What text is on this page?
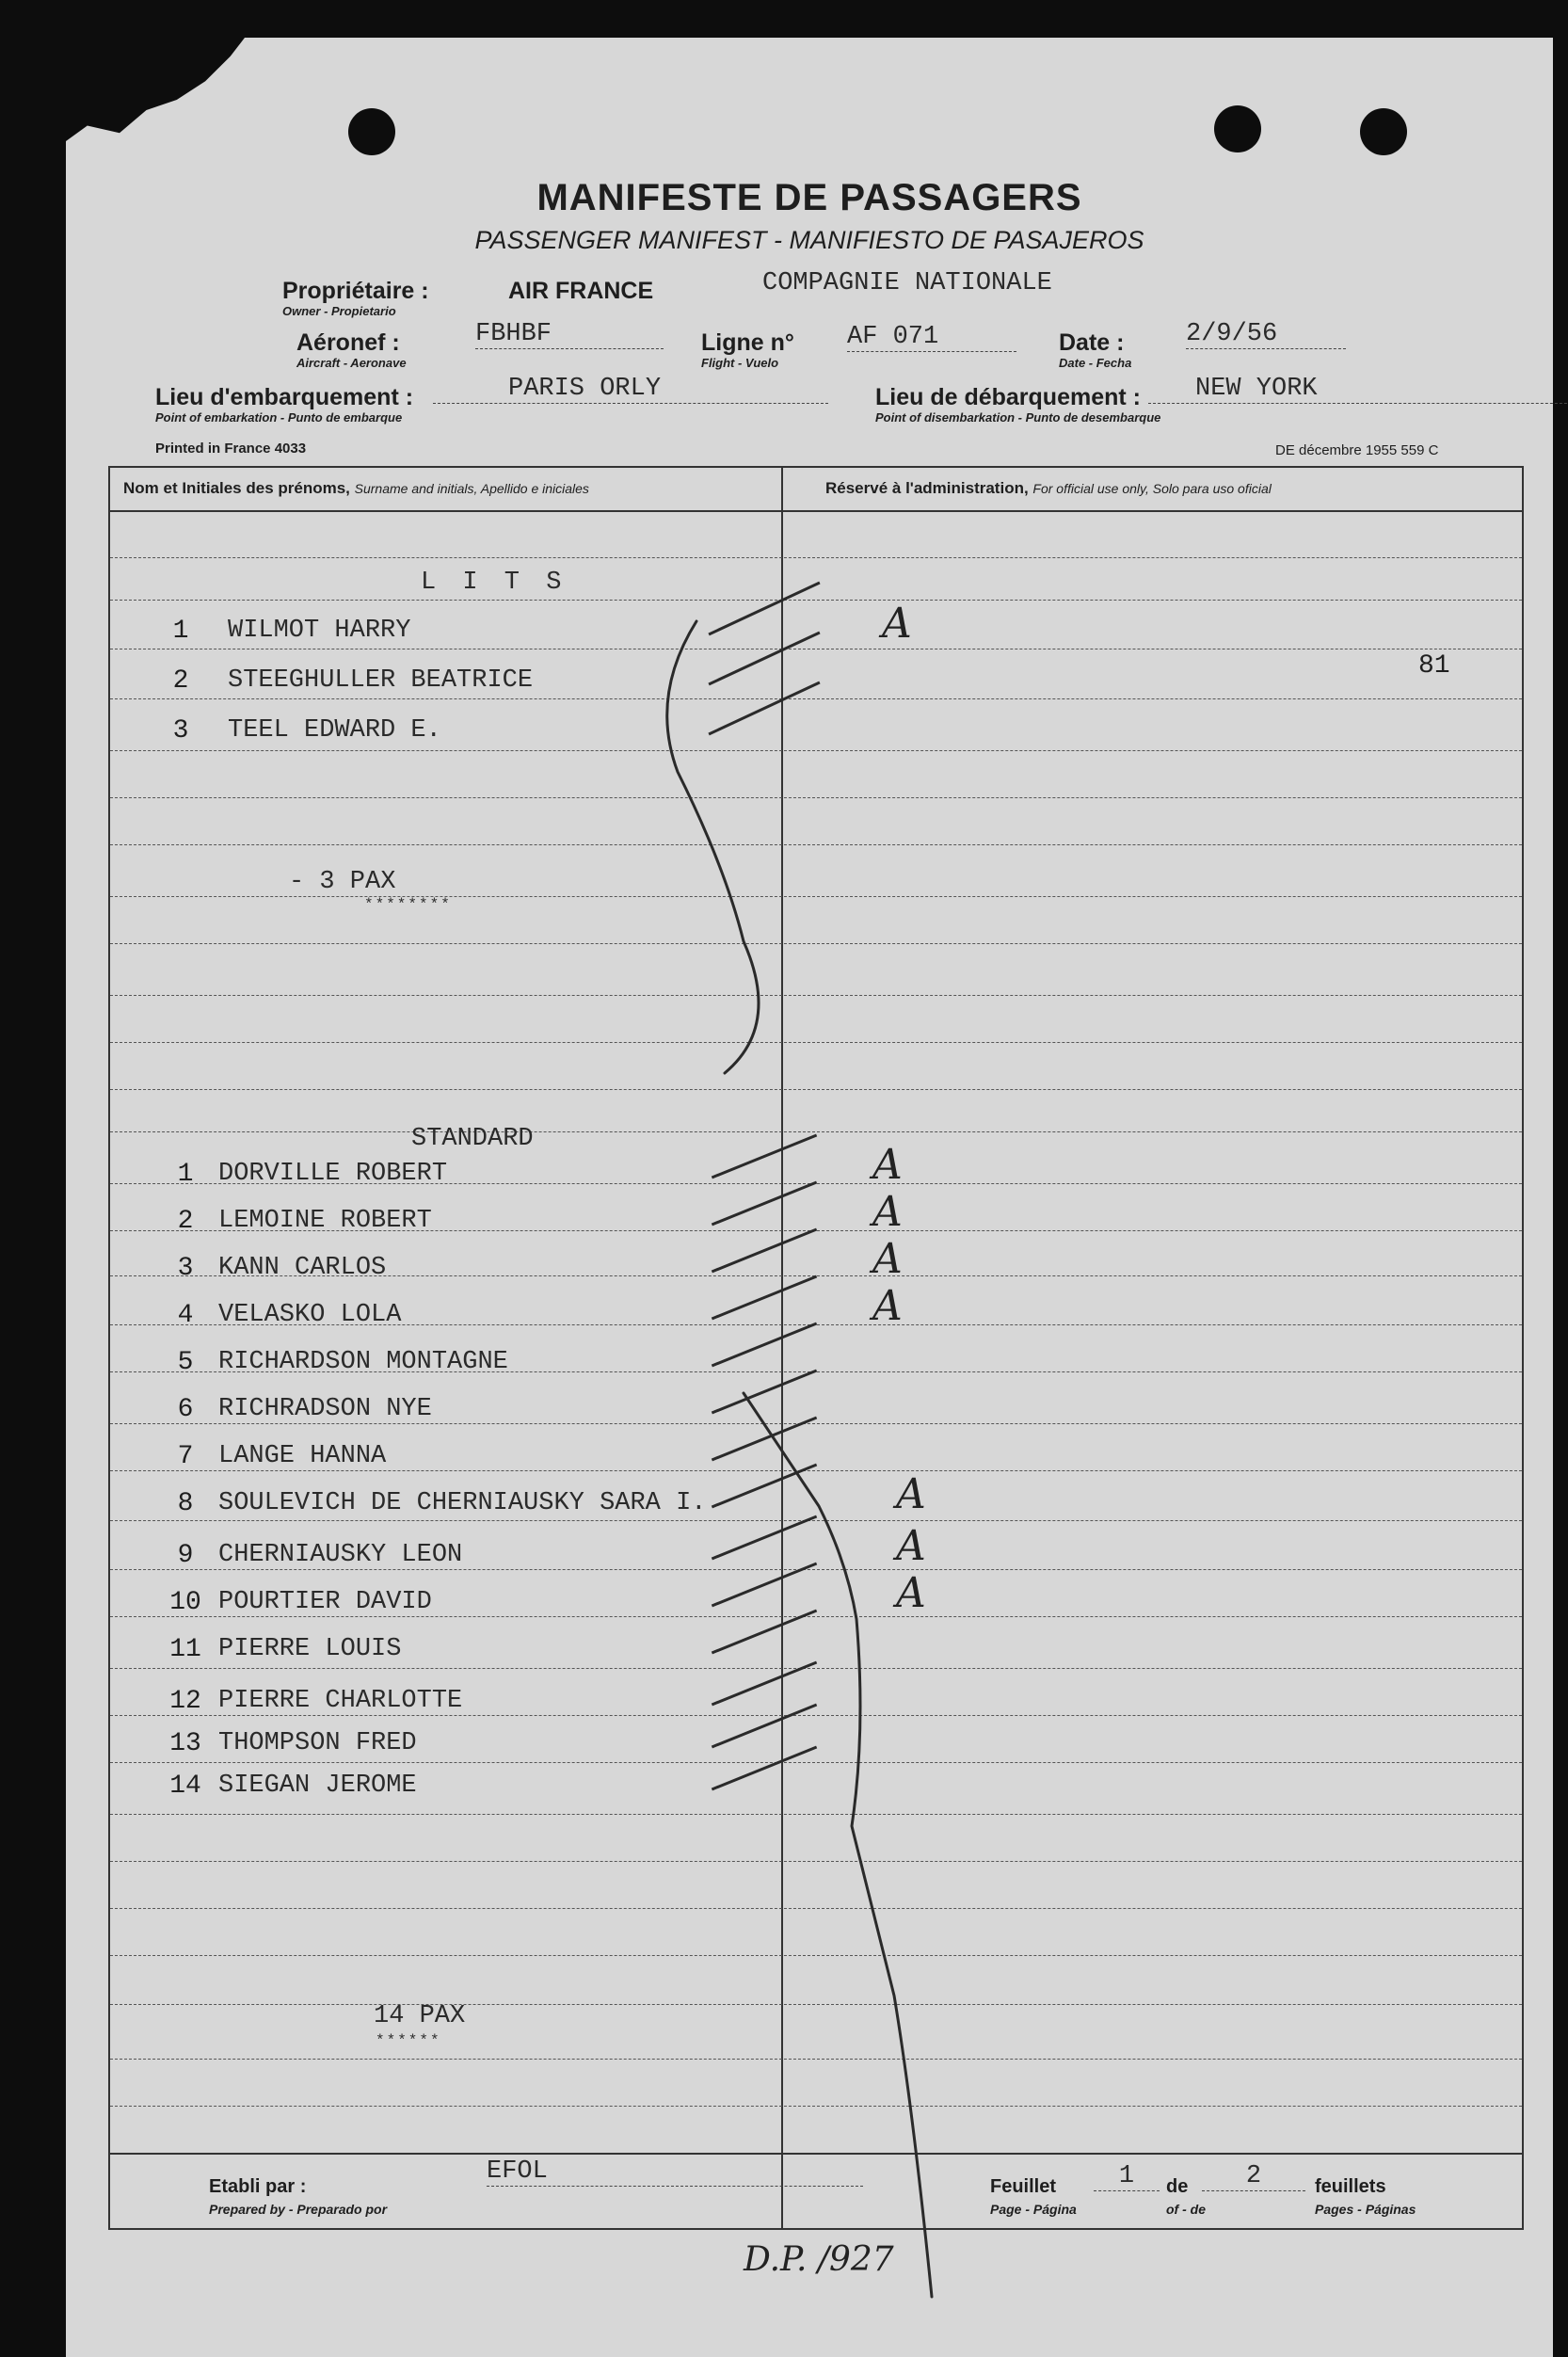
MANIFESTE DE PASSAGERS
PASSENGER MANIFEST - MANIFIESTO DE PASAJEROS
Propriétaire :
Owner - Propietario
AIR FRANCE	COMPAGNIE NATIONALE
Aéronef :
Aircraft - Aeronave
FBHBF	Ligne n°
Flight - Vuelo
AF 071	Date :
Date - Fecha
2/9/56
Lieu d'embarquement :
Point of embarkation - Punto de embarque
PARIS ORLY	Lieu de débarquement :
Point of disembarkation - Punto de desembarque
NEW YORK
Printed in France 4033	DE décembre 1955 559 C
Nom et Initiales des prénoms, Surname and initials, Apellido e iniciales	Réservé à l'administration, For official use only, Solo para uso oficial
L I T S
1	WILMOT HARRY	A
2	STEEGHULLER BEATRICE
3	TEEL EDWARD E.
- 3 PAX
********
STANDARD
1 DORVILLE ROBERT	A
2 LEMOINE ROBERT	A
3 KANN CARLOS	A
4 VELASKO LOLA	A
5 RICHARDSON MONTAGNE
6 RICHRADSON NYE
7 LANGE HANNA
8 SOULEVICH DE CHERNIAUSKY SARA I.	A
9 CHERNIAUSKY LEON	A
10 POURTIER DAVID	A
11 PIERRE LOUIS
12 PIERRE CHARLOTTE
13 THOMPSON FRED
14 SIEGAN JEROME
14 PAX
******
81
Etabli par :
Prepared by - Preparado por
EFOL
Feuillet
Page - Página
1	de
of - de
2	feuillets
Pages - Páginas
D.P. /927
